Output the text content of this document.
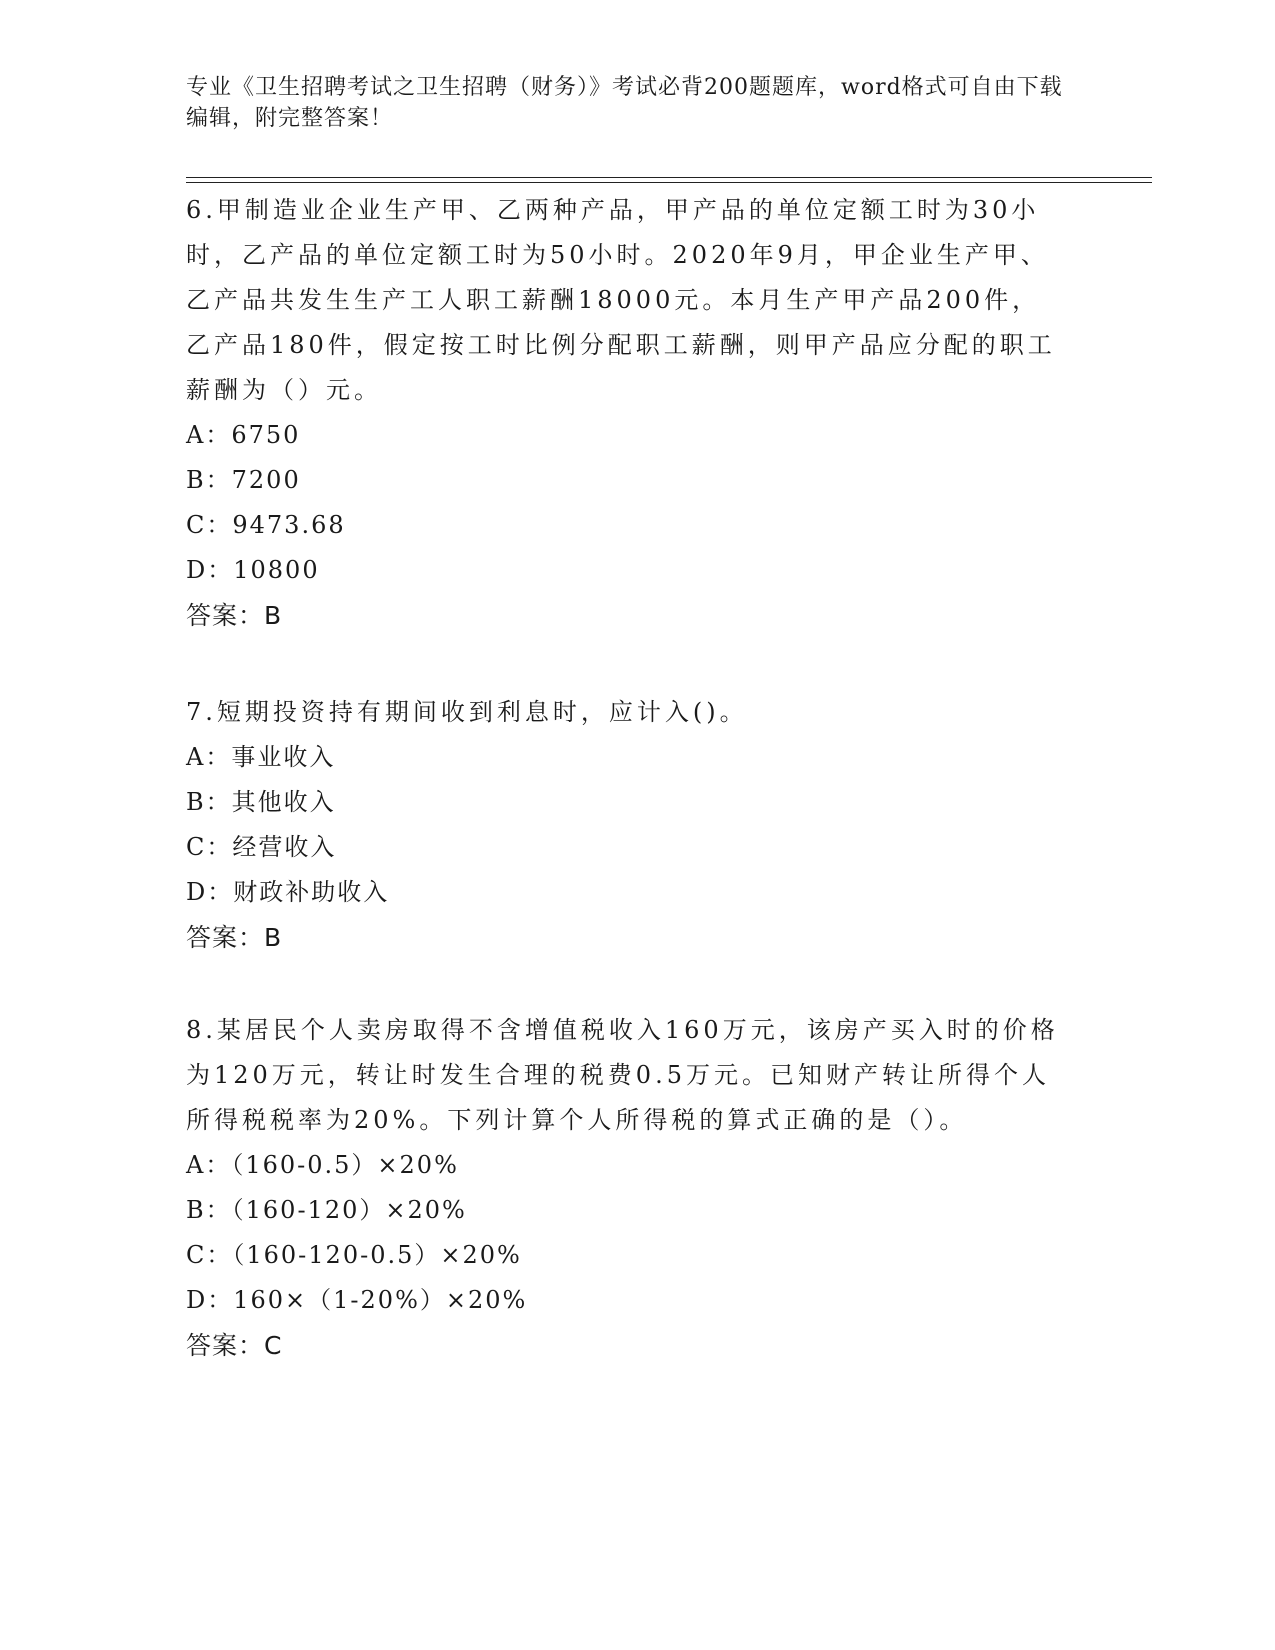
专业《卫生招聘考试之卫生招聘（财务）》考试必背200题题库，word格式可自由下载编辑，附完整答案！

6.甲制造业企业生产甲、乙两种产品，甲产品的单位定额工时为30小时，乙产品的单位定额工时为50小时。2020年9月，甲企业生产甲、乙产品共发生生产工人职工薪酬18000元。本月生产甲产品200件，乙产品180件，假定按工时比例分配职工薪酬，则甲产品应分配的职工薪酬为（）元。

A：6750

B：7200

C：9473.68

D：10800

答案：B

7.短期投资持有期间收到利息时，应计入()。

A：事业收入

B：其他收入

C：经营收入

D：财政补助收入

答案：B

8.某居民个人卖房取得不含增值税收入160万元，该房产买入时的价格为120万元，转让时发生合理的税费0.5万元。已知财产转让所得个人所得税税率为20%。下列计算个人所得税的算式正确的是（）。

A：（160-0.5）×20%

B：（160-120）×20%

C：（160-120-0.5）×20%

D：160×（1-20%）×20%

答案：C
